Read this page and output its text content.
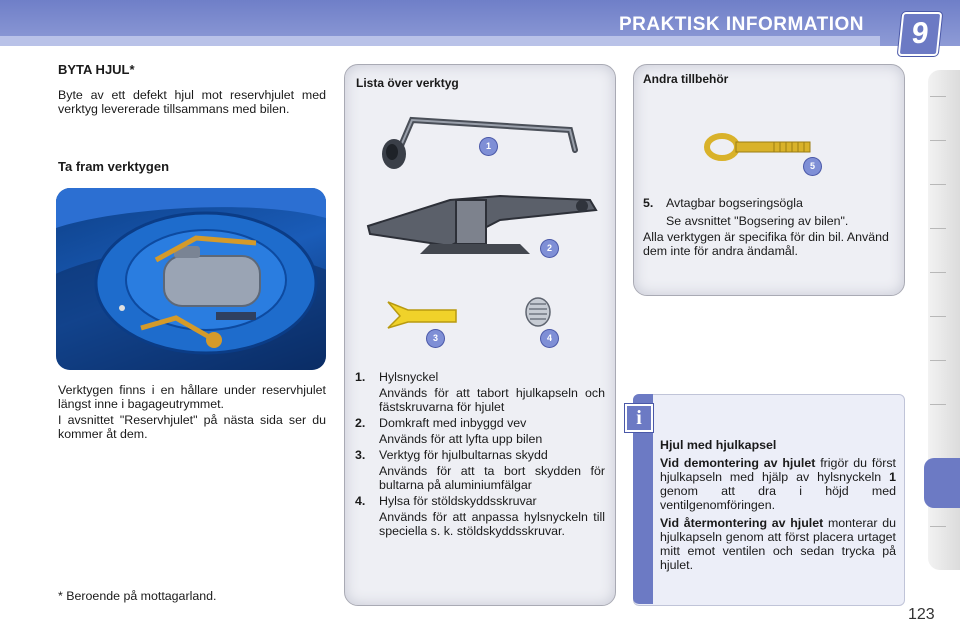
PRAKTISK INFORMATION	9
BYTA HJUL*
Byte av ett defekt hjul mot reservhjulet med verktyg levererade tillsammans med bilen.
Ta fram verktygen
Verktygen finns i en hållare under reservhjulet längst inne i bagageutrymmet.
I avsnittet "Reservhjulet" på nästa sida ser du kommer åt dem.
* Beroende på mottagarland.
Lista över verktyg
1
2
3	4
1.	Hylsnyckel
Används för att tabort hjulkapseln och fästskruvarna för hjulet
2.	Domkraft med inbyggd vev
Används för att lyfta upp bilen
3.	Verktyg för hjulbultarnas skydd
Används för att ta bort skydden för bultarna på aluminiumfälgar
4.	Hylsa för stöldskyddsskruvar
Används för att anpassa hylsnyckeln till speciella s. k. stöldskyddsskruvar.
Andra tillbehör
5
5.	Avtagbar bogseringsögla
Se avsnittet "Bogsering av bilen".
Alla verktygen är specifika för din bil. Använd dem inte för andra ändamål.
i
Hjul med hjulkapsel
Vid demontering av hjulet frigör du först hjulkapseln med hjälp av hylsnyckeln 1 genom att dra i höjd med ventilgenomföringen.
Vid återmontering av hjulet monterar du hjulkapseln genom att först placera urtaget mitt emot ventilen och sedan trycka på hjulet.
123
